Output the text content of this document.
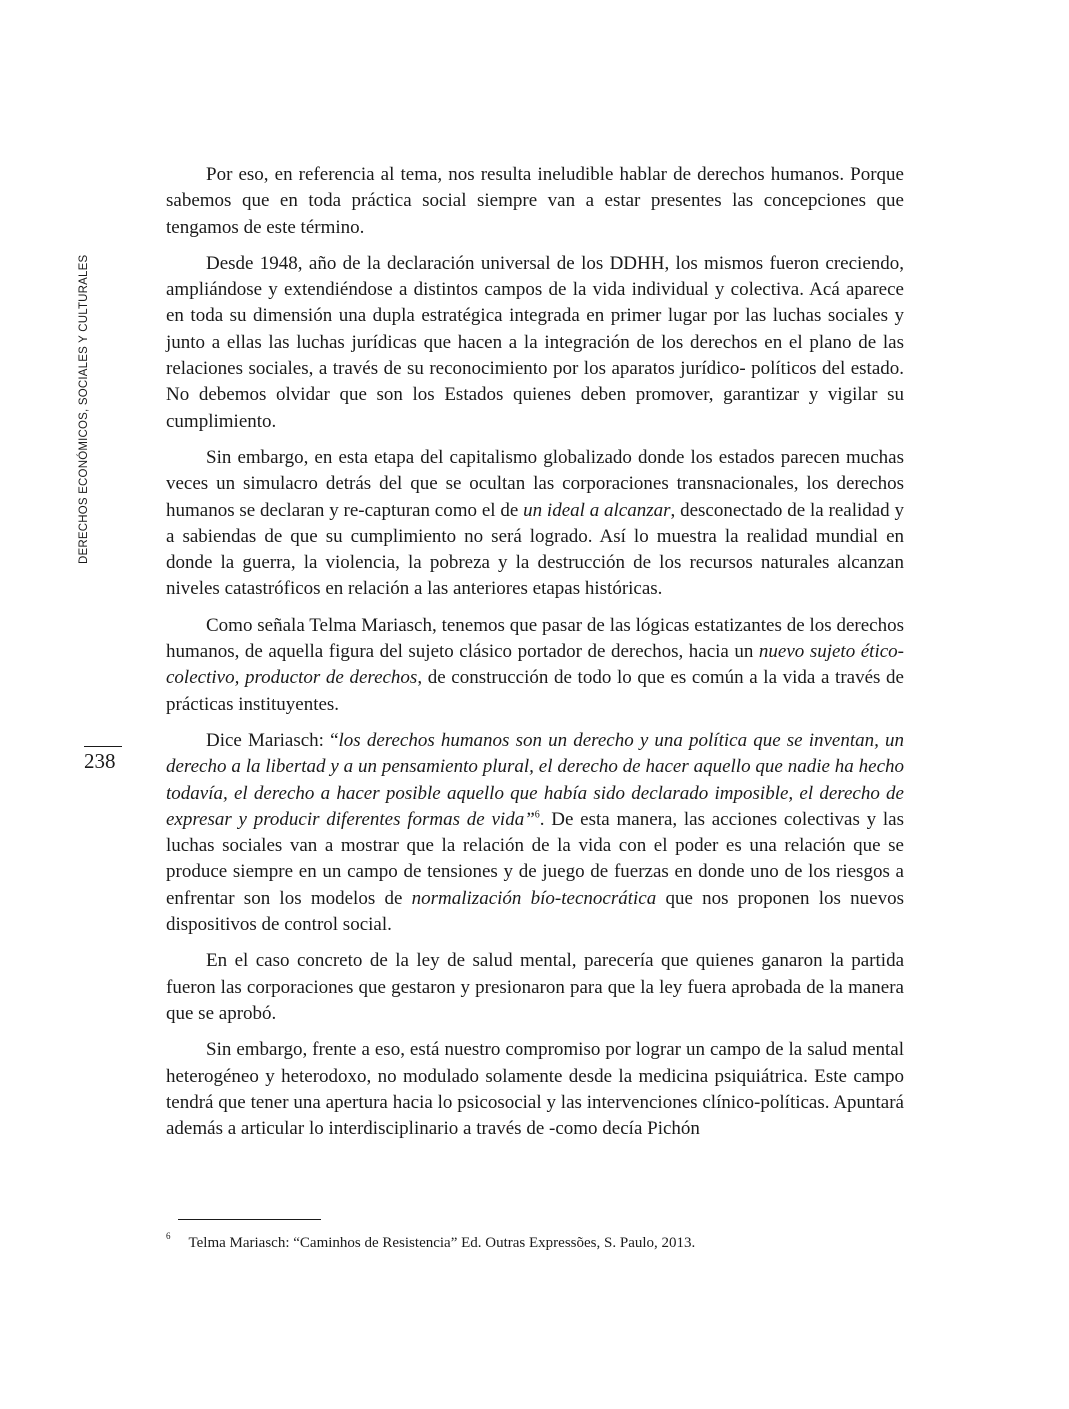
DERECHOS ECONÓMICOS, SOCIALES Y CULTURALES
238

Por eso, en referencia al tema, nos resulta ineludible hablar de derechos humanos. Porque sabemos que en toda práctica social siempre van a estar presentes las concepciones que tengamos de este término.

Desde 1948, año de la declaración universal de los DDHH, los mismos fueron creciendo, ampliándose y extendiéndose a distintos campos de la vida individual y colectiva. Acá aparece en toda su dimensión una dupla estratégica integrada en primer lugar por las luchas sociales y junto a ellas las luchas jurídicas que hacen a la integración de los derechos en el plano de las relaciones sociales, a través de su reconocimiento por los aparatos jurídico- políticos del estado. No debemos olvidar que son los Estados quienes deben promover, garantizar y vigilar su cumplimiento.

Sin embargo, en esta etapa del capitalismo globalizado donde los estados parecen muchas veces un simulacro detrás del que se ocultan las corporaciones transnacionales, los derechos humanos se declaran y re-capturan como el de un ideal a alcanzar, desconectado de la realidad y a sabiendas de que su cumplimiento no será logrado. Así lo muestra la realidad mundial en donde la guerra, la violencia, la pobreza y la destrucción de los recursos naturales alcanzan niveles catastróficos en relación a las anteriores etapas históricas.

Como señala Telma Mariasch, tenemos que pasar de las lógicas estatizantes de los derechos humanos, de aquella figura del sujeto clásico portador de derechos, hacia un nuevo sujeto ético-colectivo, productor de derechos, de construcción de todo lo que es común a la vida a través de prácticas instituyentes.

Dice Mariasch: “los derechos humanos son un derecho y una política que se inventan, un derecho a la libertad y a un pensamiento plural, el derecho de hacer aquello que nadie ha hecho todavía, el derecho a hacer posible aquello que había sido declarado imposible, el derecho de expresar y producir diferentes formas de vida”$^6$. De esta manera, las acciones colectivas y las luchas sociales van a mostrar que la relación de la vida con el poder es una relación que se produce siempre en un campo de tensiones y de juego de fuerzas en donde uno de los riesgos a enfrentar son los modelos de normalización bío-tecnocrática que nos proponen los nuevos dispositivos de control social.

En el caso concreto de la ley de salud mental, parecería que quienes ganaron la partida fueron las corporaciones que gestaron y presionaron para que la ley fuera aprobada de la manera que se aprobó.

Sin embargo, frente a eso, está nuestro compromiso por lograr un campo de la salud mental heterogéneo y heterodoxo, no modulado solamente desde la medicina psiquiátrica. Este campo tendrá que tener una apertura hacia lo psicosocial y las intervenciones clínico-políticas. Apuntará además a articular lo interdisciplinario a través de -como decía Pichón

$^6$ Telma Mariasch: “Caminhos de Resistencia” Ed. Outras Expressões, S. Paulo, 2013.
